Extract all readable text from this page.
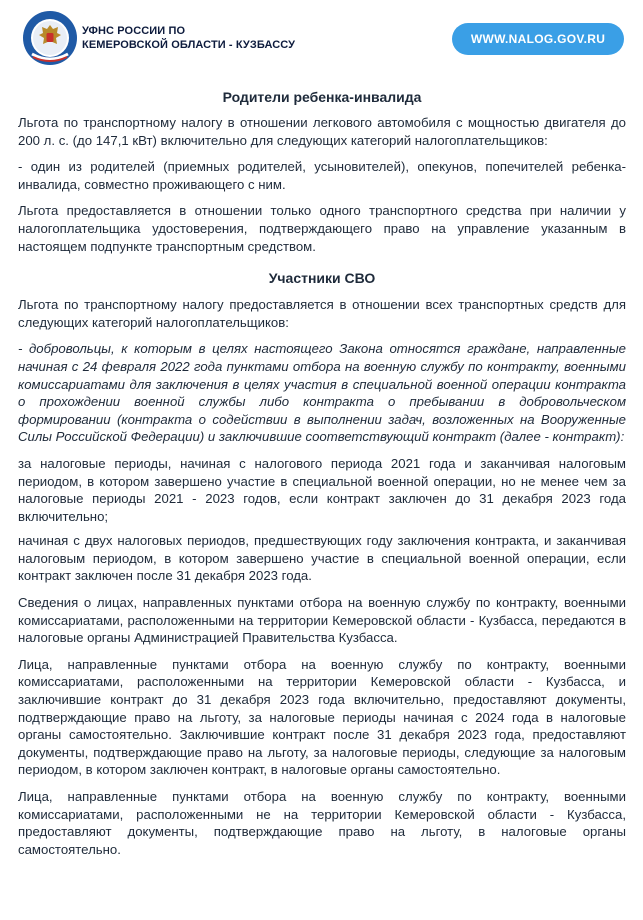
УФНС РОССИИ ПО
КЕМЕРОВСКОЙ ОБЛАСТИ - КУЗБАССУ	WWW.NALOG.GOV.RU
Родители ребенка-инвалида

Льгота по транспортному налогу в отношении легкового автомобиля с мощностью двигателя до 200 л. с. (до 147,1 кВт) включительно для следующих категорий налогоплательщиков:

- один из родителей (приемных родителей, усыновителей), опекунов, попечителей ребенка-инвалида, совместно проживающего с ним.

Льгота предоставляется в отношении только одного транспортного средства при наличии у налогоплательщика удостоверения, подтверждающего право на управление указанным в настоящем подпункте транспортным средством.

Участники СВО

Льгота по транспортному налогу предоставляется в отношении всех транспортных средств для следующих категорий налогоплательщиков:

- добровольцы, к которым в целях настоящего Закона относятся граждане, направленные начиная с 24 февраля 2022 года пунктами отбора на военную службу по контракту, военными комиссариатами для заключения в целях участия в специальной военной операции контракта о прохождении военной службы либо контракта о пребывании в добровольческом формировании (контракта о содействии в выполнении задач, возложенных на Вооруженные Силы Российской Федерации) и заключившие соответствующий контракт (далее - контракт):

за налоговые периоды, начиная с налогового периода 2021 года и заканчивая налоговым периодом, в котором завершено участие в специальной военной операции, но не менее чем за налоговые периоды 2021 - 2023 годов, если контракт заключен до 31 декабря 2023 года включительно;

начиная с двух налоговых периодов, предшествующих году заключения контракта, и заканчивая налоговым периодом, в котором завершено участие в специальной военной операции, если контракт заключен после 31 декабря 2023 года.

Сведения о лицах, направленных пунктами отбора на военную службу по контракту, военными комиссариатами, расположенными на территории Кемеровской области - Кузбасса, передаются в налоговые органы Администрацией Правительства Кузбасса.

Лица, направленные пунктами отбора на военную службу по контракту, военными комиссариатами, расположенными на территории Кемеровской области - Кузбасса, и заключившие контракт до 31 декабря 2023 года включительно, предоставляют документы, подтверждающие право на льготу, за налоговые периоды начиная с 2024 года в налоговые органы самостоятельно. Заключившие контракт после 31 декабря 2023 года, предоставляют документы, подтверждающие право на льготу, за налоговые периоды, следующие за налоговым периодом, в котором заключен контракт, в налоговые органы самостоятельно.

Лица, направленные пунктами отбора на военную службу по контракту, военными комиссариатами, расположенными не на территории Кемеровской области - Кузбасса, предоставляют документы, подтверждающие право на льготу, в налоговые органы самостоятельно.
